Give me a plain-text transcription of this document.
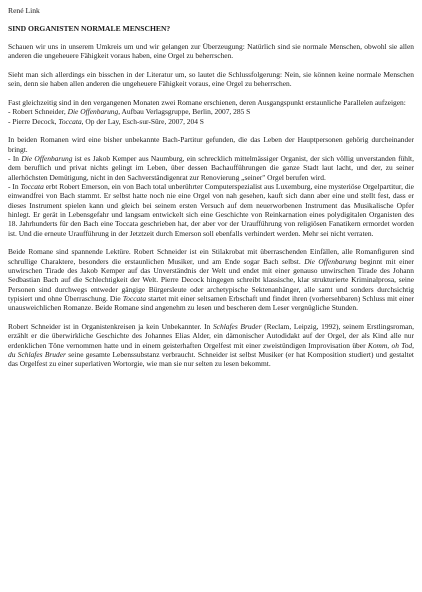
René Link
SIND ORGANISTEN NORMALE MENSCHEN?

Schauen wir uns in unserem Umkreis um und wir gelangen zur Überzeugung: Natürlich sind sie normale Menschen, obwohl sie allen anderen die ungeheuere Fähigkeit voraus haben, eine Orgel zu beherrschen.

Sieht man sich allerdings ein bisschen in der Literatur um, so lautet die Schlussfolgerung: Nein, sie können keine normale Menschen sein, denn sie haben allen anderen die ungeheuere Fähigkeit voraus, eine Orgel zu beherrschen.

Fast gleichzeitig sind in den vergangenen Monaten zwei Romane erschienen, deren Ausgangspunkt erstaunliche Parallelen aufzeigen:
- Robert Schneider, Die Offenbarung, Aufbau Verlagsgruppe, Berlin, 2007, 285 S
- Pierre Decock, Toccata, Op der Lay, Esch-sur-Sûre, 2007, 204 S
In beiden Romanen wird eine bisher unbekannte Bach-Partitur gefunden, die das Leben der Hauptpersonen gehörig durcheinander bringt.
- In Die Offenbarung ist es Jakob Kemper aus Naumburg, ein schrecklich mittelmässiger Organist, der sich völlig unverstanden fühlt, dem beruflich und privat nichts gelingt im Leben, über dessen Bachaufführungen die ganze Stadt laut lacht, und der, zu seiner allerhöchsten Demütigung, nicht in den Sachverständigenrat zur Renovierung „seiner" Orgel berufen wird.
- In Toccata erbt Robert Emerson, ein von Bach total unberührter Computerspezialist aus Luxemburg, eine mysteriöse Orgelpartitur, die einwandfrei von Bach stammt. Er selbst hatte noch nie eine Orgel von nah gesehen, kauft sich dann aber eine und stellt fest, dass er dieses Instrument spielen kann und gleich bei seinem ersten Versuch auf dem neuerworbenen Instrument das Musikalische Opfer hinlegt. Er gerät in Lebensgefahr und langsam entwickelt sich eine Geschichte von Reinkarnation eines polydigitalen Organisten des 18. Jahrhunderts für den Bach eine Toccata geschrieben hat, der aber vor der Uraufführung von religiösen Fanatikern ermordet worden ist. Und die erneute Uraufführung in der Jetztzeit durch Emerson soll ebenfalls verhindert werden. Mehr sei nicht verraten.

Beide Romane sind spannende Lektüre. Robert Schneider ist ein Stilakrobat mit überraschenden Einfällen, alle Romanfiguren sind schrullige Charaktere, besonders die erstaunlichen Musiker, und am Ende sogar Bach selbst. Die Offenbarung beginnt mit einer unwirschen Tirade des Jakob Kemper auf das Unverständnis der Welt und endet mit einer genauso unwirschen Tirade des Johann Sedbastian Bach auf die Schlechtigkeit der Welt. Pierre Decock hingegen schreibt klassische, klar strukturierte Kriminalprosa, seine Personen sind durchwegs entweder gängige Bürgersleute oder archetypische Sektenanhänger, alle samt und sonders durchsichtig typisiert und ohne Überraschung. Die Toccata startet mit einer seltsamen Erbschaft und findet ihren (vorhersehbaren) Schluss mit einer unausweichlichen Romanze. Beide Romane sind angenehm zu lesen und bescheren dem Leser vergnügliche Stunden.

Robert Schneider ist in Organistenkreisen ja kein Unbekannter. In Schlafes Bruder (Reclam, Leipzig, 1992), seinem Erstlingsroman, erzählt er die überwirkliche Geschichte des Johannes Elias Alder, ein dämonischer Autodidakt auf der Orgel, der als Kind alle nur erdenklichen Töne vernommen hatte und in einem geisterhaften Orgelfest mit einer zweistündigen Improvisation über Komm, oh Tod, du Schlafes Bruder seine gesamte Lebenssubstanz verbraucht. Schneider ist selbst Musiker (er hat Komposition studiert) und gestaltet das Orgelfest zu einer superlativen Wortorgie, wie man sie nur selten zu lesen bekommt.
